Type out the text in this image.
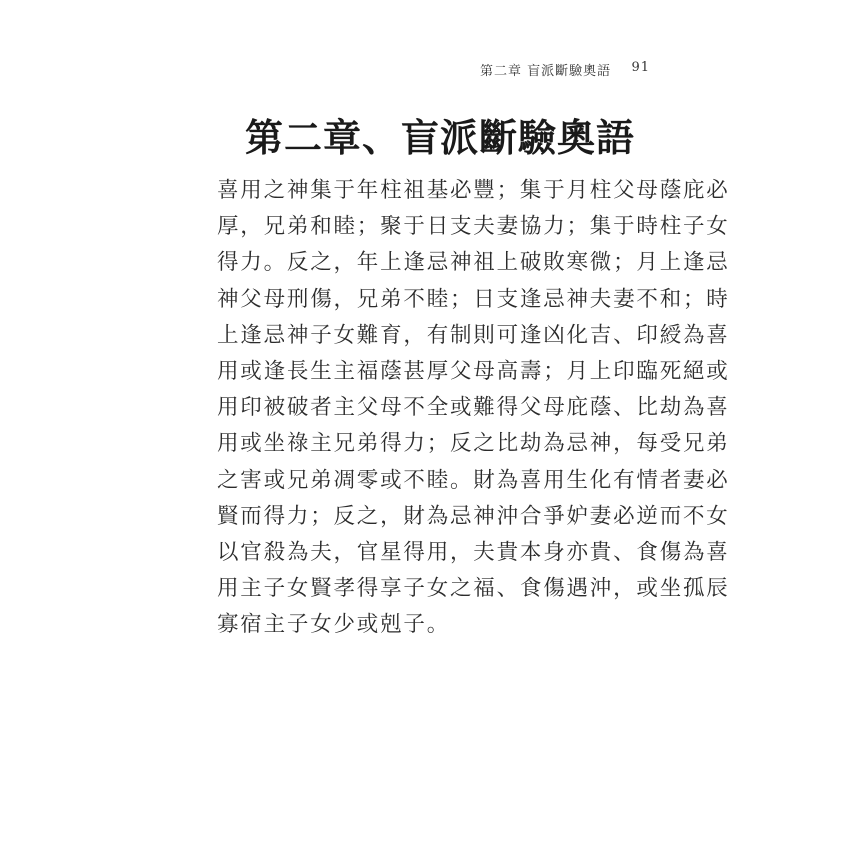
第二章 盲派斷驗奧語 91
第二章、盲派斷驗奧語
喜用之神集于年柱祖基必豐；集于月柱父母蔭庇必
厚，兄弟和睦；聚于日支夫妻協力；集于時柱子女
得力。反之，年上逢忌神祖上破敗寒微；月上逢忌
神父母刑傷，兄弟不睦；日支逢忌神夫妻不和；時
上逢忌神子女難育，有制則可逢凶化吉、印綬為喜
用或逢長生主福蔭甚厚父母高壽；月上印臨死絕或
用印被破者主父母不全或難得父母庇蔭、比劫為喜
用或坐祿主兄弟得力；反之比劫為忌神，每受兄弟
之害或兄弟凋零或不睦。財為喜用生化有情者妻必
賢而得力；反之，財為忌神沖合爭妒妻必逆而不女
以官殺為夫，官星得用，夫貴本身亦貴、食傷為喜
用主子女賢孝得享子女之福、食傷遇沖，或坐孤辰
寡宿主子女少或剋子。
